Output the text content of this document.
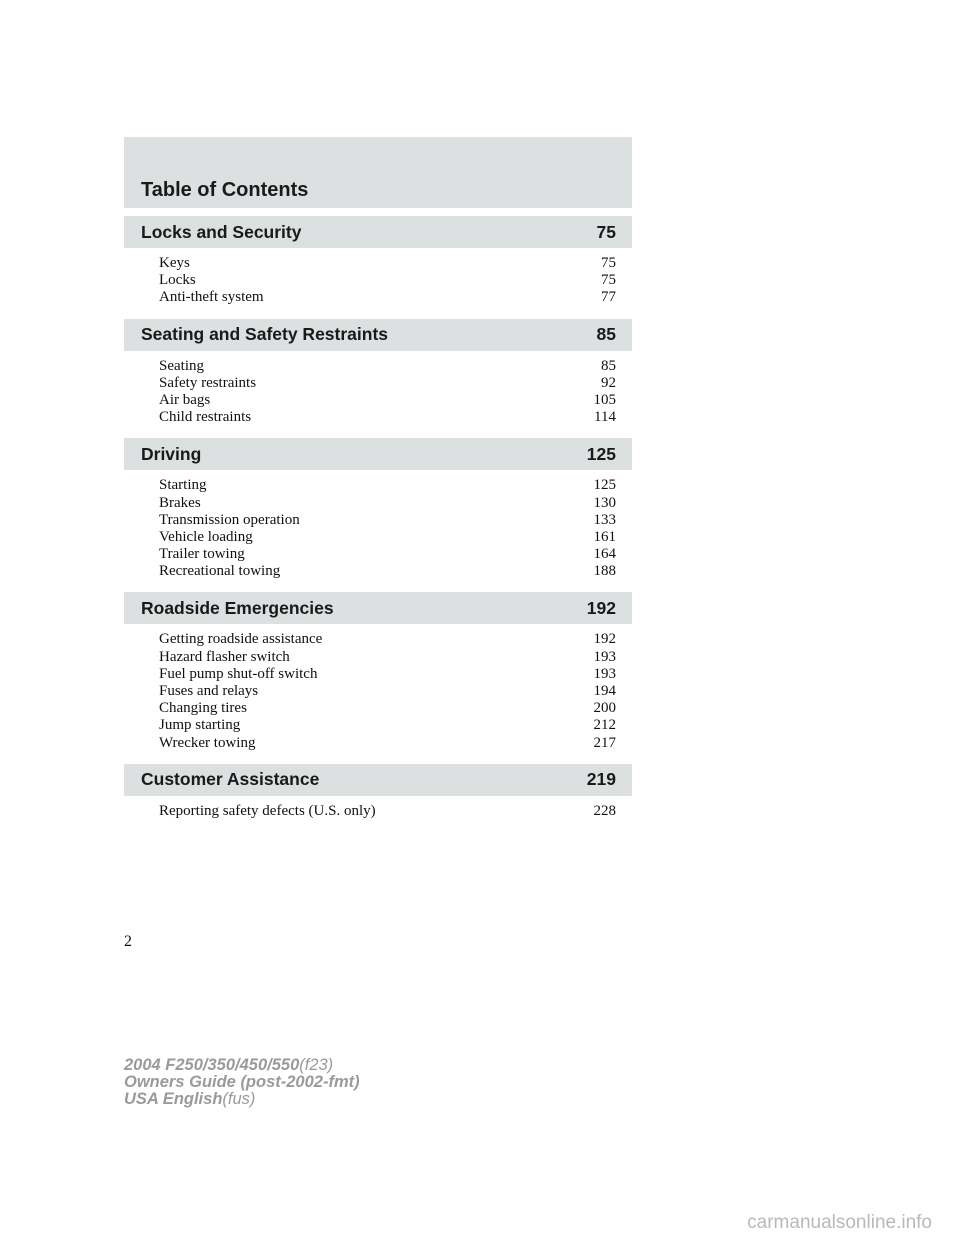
Table of Contents
Locks and Security	75
Keys	75
Locks	75
Anti-theft system	77
Seating and Safety Restraints	85
Seating	85
Safety restraints	92
Air bags	105
Child restraints	114
Driving	125
Starting	125
Brakes	130
Transmission operation	133
Vehicle loading	161
Trailer towing	164
Recreational towing	188
Roadside Emergencies	192
Getting roadside assistance	192
Hazard flasher switch	193
Fuel pump shut-off switch	193
Fuses and relays	194
Changing tires	200
Jump starting	212
Wrecker towing	217
Customer Assistance	219
Reporting safety defects (U.S. only)	228
2
2004 F250/350/450/550(f23)
Owners Guide (post-2002-fmt)
USA English(fus)
carmanualsonline.info
